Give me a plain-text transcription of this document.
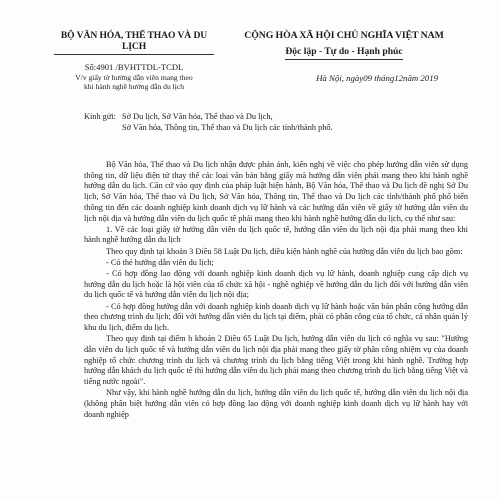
BỘ VĂN HÓA, THỂ THAO VÀ DU LỊCH
Số:4901 /BVHTTDL-TCDL
V/v giấy tờ hướng dẫn viên mang theo
khi hành nghề hướng dẫn du lịch
CỘNG HÒA XÃ HỘI CHỦ NGHĨA VIỆT NAM
Độc lập - Tự do - Hạnh phúc
Hà Nội, ngày09 tháng12năm 2019
Kính gửi: Sở Du lịch, Sở Văn hóa, Thể thao và Du lịch,
Sở Văn hóa, Thông tin, Thể thao và Du lịch các tỉnh/thành phố.

Bộ Văn hóa, Thể thao và Du lịch nhận được phản ánh, kiến nghị về việc cho phép hướng dẫn viên sử dụng thông tin, dữ liệu điện tử thay thế các loại văn bản bằng giấy mà hướng dẫn viên phải mang theo khi hành nghề hướng dẫn du lịch. Căn cứ vào quy định của pháp luật hiện hành, Bộ Văn hóa, Thể thao và Du lịch đề nghị Sở Du lịch, Sở Văn hóa, Thể thao và Du lịch, Sở Văn hóa, Thông tin, Thể thao và Du lịch các tỉnh/thành phố phổ biến thông tin đến các doanh nghiệp kinh doanh dịch vụ lữ hành và các hướng dẫn viên về giấy tờ hướng dẫn viên du lịch nội địa và hướng dẫn viên du lịch quốc tế phải mang theo khi hành nghề hướng dẫn du lịch, cụ thể như sau:

1. Về các loại giấy tờ hướng dẫn viên du lịch quốc tế, hướng dẫn viên du lịch nội địa phải mang theo khi hành nghề hướng dẫn du lịch

Theo quy định tại khoản 3 Điều 58 Luật Du lịch, điều kiện hành nghề của hướng dẫn viên du lịch bao gồm:

- Có thẻ hướng dẫn viên du lịch;

- Có hợp đồng lao động với doanh nghiệp kinh doanh dịch vụ lữ hành, doanh nghiệp cung cấp dịch vụ hướng dẫn du lịch hoặc là hội viên của tổ chức xã hội - nghề nghiệp về hướng dẫn du lịch đối với hướng dẫn viên du lịch quốc tế và hướng dẫn viên du lịch nội địa;

- Có hợp đồng hướng dẫn với doanh nghiệp kinh doanh dịch vụ lữ hành hoặc văn bản phân công hướng dẫn theo chương trình du lịch; đối với hướng dẫn viên du lịch tại điểm, phải có phân công của tổ chức, cá nhân quản lý khu du lịch, điểm du lịch.

Theo quy định tại điểm h khoản 2 Điều 65 Luật Du lịch, hướng dẫn viên du lịch có nghĩa vụ sau: "Hướng dẫn viên du lịch quốc tế và hướng dẫn viên du lịch nội địa phải mang theo giấy tờ phân công nhiệm vụ của doanh nghiệp tổ chức chương trình du lịch và chương trình du lịch bằng tiếng Việt trong khi hành nghề. Trường hợp hướng dẫn khách du lịch quốc tế thì hướng dẫn viên du lịch phải mang theo chương trình du lịch bằng tiếng Việt và tiếng nước ngoài".

Như vậy, khi hành nghề hướng dẫn du lịch, hướng dẫn viên du lịch quốc tế, hướng dẫn viên du lịch nội địa (không phân biệt hướng dẫn viên có hợp đồng lao động với doanh nghiệp kinh doanh dịch vụ lữ hành hay với doanh nghiệp
